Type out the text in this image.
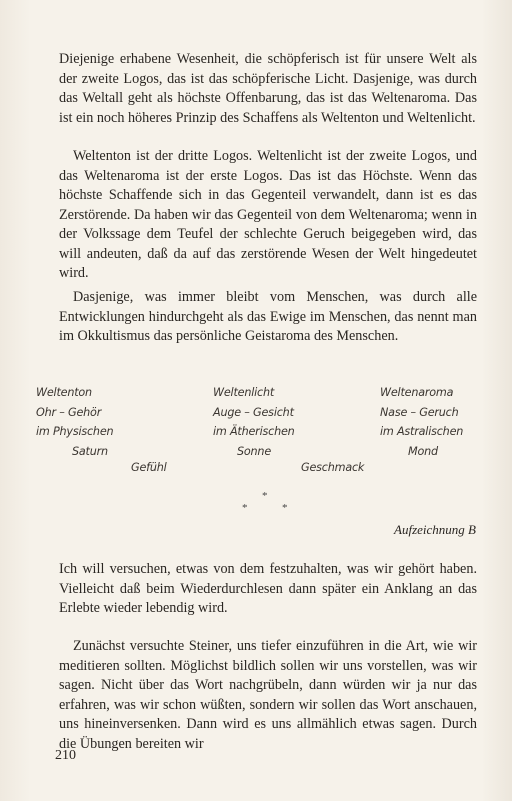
Diejenige erhabene Wesenheit, die schöpferisch ist für unsere Welt als der zweite Logos, das ist das schöpferische Licht. Dasjenige, was durch das Weltall geht als höchste Offenbarung, das ist das Weltenaroma. Das ist ein noch höheres Prinzip des Schaffens als Weltenton und Weltenlicht.

Weltenton ist der dritte Logos. Weltenlicht ist der zweite Logos, und das Weltenaroma ist der erste Logos. Das ist das Höchste. Wenn das höchste Schaffende sich in das Gegenteil verwandelt, dann ist es das Zerstörende. Da haben wir das Gegenteil von dem Weltenaroma; wenn in der Volkssage dem Teufel der schlechte Geruch beigegeben wird, das will andeuten, daß da auf das zerstörende Wesen der Welt hingedeutet wird.

Dasjenige, was immer bleibt vom Menschen, was durch alle Entwicklungen hindurchgeht als das Ewige im Menschen, das nennt man im Okkultismus das persönliche Geistaroma des Menschen.

Weltenton
Ohr – Gehör
im Physischen
Saturn
Weltenlicht
Auge – Gesicht
im Ätherischen
Sonne
Weltenaroma
Nase – Geruch
im Astralischen
Mond
Gefühl	Geschmack
*
*	*

Aufzeichnung B

Ich will versuchen, etwas von dem festzuhalten, was wir gehört haben. Vielleicht daß beim Wiederdurchlesen dann später ein Anklang an das Erlebte wieder lebendig wird.

Zunächst versuchte Steiner, uns tiefer einzuführen in die Art, wie wir meditieren sollten. Möglichst bildlich sollen wir uns vorstellen, was wir sagen. Nicht über das Wort nachgrübeln, dann würden wir ja nur das erfahren, was wir schon wüßten, sondern wir sollen das Wort anschauen, uns hineinversenken. Dann wird es uns allmählich etwas sagen. Durch die Übungen bereiten wir

210
